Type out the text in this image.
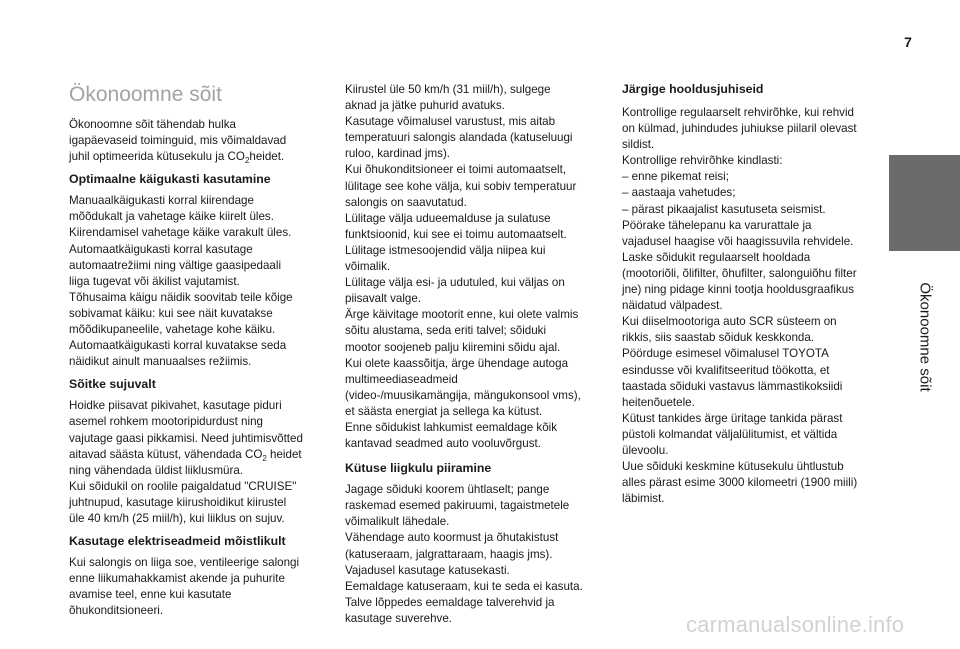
7
Ökonoomne sõit
Ökonoomne sõit

Ökonoomne sõit tähendab hulka igapäevaseid toiminguid, mis võimaldavad juhil optimeerida kütusekulu ja $CO_2heidet$.

Optimaalne käigukasti kasutamine

Manuaalkäigukasti korral kiirendage mõõdukalt ja vahetage käike kiirelt üles. Kiirendamisel vahetage käike varakult üles.
Automaatkäigukasti korral kasutage automaatrežiimi ning vältige gaasipedaali liiga tugevat või äkilist vajutamist.
Tõhusaima käigu näidik soovitab teile kõige sobivamat käiku: kui see näit kuvatakse mõõdikupaneelile, vahetage kohe käiku.
Automaatkäigukasti korral kuvatakse seda näidikut ainult manuaalses režiimis.

Sõitke sujuvalt

Hoidke piisavat pikivahet, kasutage piduri asemel rohkem mootoripidurdust ning vajutage gaasi pikkamisi. Need juhtimisvõtted aitavad säästa kütust, vähendada $CO_2$ heidet ning vähendada üldist liiklusmüra.
Kui sõidukil on roolile paigaldatud "CRUISE" juhtnupud, kasutage kiirushoidikut kiirustel üle 40 km/h (25 miil/h), kui liiklus on sujuv.

Kasutage elektriseadmeid mõistlikult

Kui salongis on liiga soe, ventileerige salongi enne liikumahakkamist akende ja puhurite avamise teel, enne kui kasutate õhukonditsioneeri.

Kiirustel üle 50 km/h (31 miil/h), sulgege aknad ja jätke puhurid avatuks.
Kasutage võimalusel varustust, mis aitab temperatuuri salongis alandada (katuseluugi ruloo, kardinad jms).
Kui õhukonditsioneer ei toimi automaatselt, lülitage see kohe välja, kui sobiv temperatuur salongis on saavutatud.
Lülitage välja udueemalduse ja sulatuse funktsioonid, kui see ei toimu automaatselt.
Lülitage istmesoojendid välja niipea kui võimalik.
Lülitage välja esi- ja udutuled, kui väljas on piisavalt valge.
Ärge käivitage mootorit enne, kui olete valmis sõitu alustama, seda eriti talvel; sõiduki mootor soojeneb palju kiiremini sõidu ajal.
Kui olete kaassõitja, ärge ühendage autoga multimeediaseadmeid (video-/muusikamängija, mängukonsool vms), et säästa energiat ja sellega ka kütust.
Enne sõidukist lahkumist eemaldage kõik kantavad seadmed auto vooluvõrgust.

Kütuse liigkulu piiramine

Jagage sõiduki koorem ühtlaselt; pange raskemad esemed pakiruumi, tagaistmetele võimalikult lähedale.
Vähendage auto koormust ja õhutakistust (katuseraam, jalgrattaraam, haagis jms). Vajadusel kasutage katusekasti.
Eemaldage katuseraam, kui te seda ei kasuta.
Talve lõppedes eemaldage talverehvid ja kasutage suverehve.

Järgige hooldusjuhiseid

Kontrollige regulaarselt rehvirõhke, kui rehvid on külmad, juhindudes juhiukse piilaril olevast sildist.
Kontrollige rehvirõhke kindlasti:
– enne pikemat reisi;
– aastaaja vahetudes;
– pärast pikaajalist kasutuseta seismist.
Pöörake tähelepanu ka varurattale ja vajadusel haagise või haagissuvila rehvidele.
Laske sõidukit regulaarselt hooldada (mootoriõli, õlifilter, õhufilter, salonguiõhu filter jne) ning pidage kinni tootja hooldusgraafikus näidatud välpadest.
Kui diiselmootoriga auto SCR süsteem on rikkis, siis saastab sõiduk keskkonda. Pöörduge esimesel võimalusel TOYOTA esindusse või kvalifitseeritud töökotta, et taastada sõiduki vastavus lämmastikoksiidi heitenõuetele.
Kütust tankides ärge üritage tankida pärast püstoli kolmandat väljalülitumist, et vältida ülevoolu.
Uue sõiduki keskmine kütusekulu ühtlustub alles pärast esime 3000 kilomeetri (1900 miili) läbimist.

carmanualsonline.info
